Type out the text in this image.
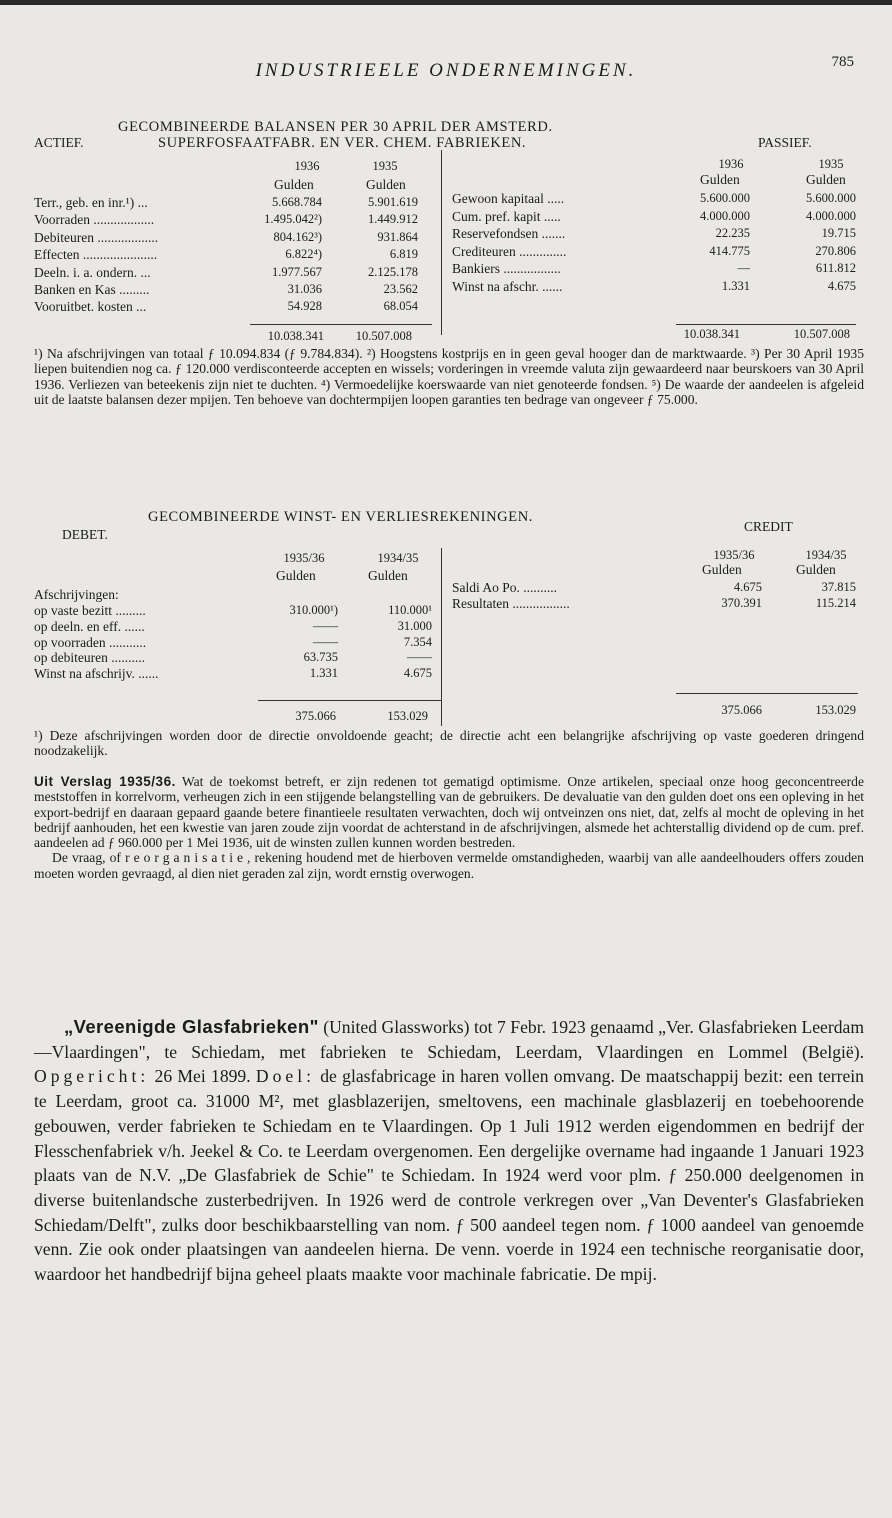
INDUSTRIEELE ONDERNEMINGEN.	785
GECOMBINEERDE BALANSEN PER 30 APRIL DER AMSTERD.
ACTIEF.	SUPERFOSFAATFABR. EN VER. CHEM. FABRIEKEN.	PASSIEF.
1936	1935
Gulden	Gulden
1936	1935
Gulden	Gulden
Terr., geb. en inr.¹) ...	5.668.784	5.901.619
Voorraden ..................	1.495.042²)	1.449.912
Debiteuren ..................	804.162³)	931.864
Effecten ......................	6.822⁴)	6.819
Deeln. i. a. ondern. ...	1.977.567	2.125.178
Banken en Kas .........	31.036	23.562
Vooruitbet. kosten ...	54.928	68.054
Gewoon kapitaal .....	5.600.000	5.600.000
Cum. pref. kapit .....	4.000.000	4.000.000
Reservefondsen .......	22.235	19.715
Crediteuren ..............	414.775	270.806
Bankiers .................	—	611.812
Winst na afschr. ......	1.331	4.675
10.038.341	10.507.008	10.038.341	10.507.008
¹) Na afschrijvingen van totaal ƒ 10.094.834 (ƒ 9.784.834). ²) Hoogstens kostprijs en in geen geval hooger dan de marktwaarde. ³) Per 30 April 1935 liepen buitendien nog ca. ƒ 120.000 verdisconteerde accepten en wissels; vorderingen in vreemde valuta zijn gewaardeerd naar beurskoers van 30 April 1936. Verliezen van beteekenis zijn niet te duchten. ⁴) Vermoedelijke koerswaarde van niet genoteerde fondsen. ⁵) De waarde der aandeelen is afgeleid uit de laatste balansen dezer mpijen. Ten behoeve van dochtermpijen loopen garanties ten bedrage van ongeveer ƒ 75.000.
GECOMBINEERDE WINST- EN VERLIESREKENINGEN.
DEBET.
CREDIT
1935/36	1934/35
Gulden	Gulden
1935/36	1934/35
Gulden	Gulden
Afschrijvingen:
op vaste bezitt .........	310.000¹)	110.000¹
op deeln. en eff. ......	——	31.000
op voorraden ...........	——	7.354
op debiteuren ..........	63.735	——
Winst na afschrijv. ......	1.331	4.675
Saldi Ao Po. ..........	4.675	37.815
Resultaten .................	370.391	115.214
375.066	153.029	375.066	153.029
¹) Deze afschrijvingen worden door de directie onvoldoende geacht; de directie acht een belangrijke afschrijving op vaste goederen dringend noodzakelijk.
Uit Verslag 1935/36. Wat de toekomst betreft, er zijn redenen tot gematigd optimisme. Onze artikelen, speciaal onze hoog geconcentreerde meststoffen in korrelvorm, verheugen zich in een stijgende belangstelling van de gebruikers. De devaluatie van den gulden doet ons een opleving in het export-bedrijf en daaraan gepaard gaande betere finantieele resultaten verwachten, doch wij ontveinzen ons niet, dat, zelfs al mocht de opleving in het bedrijf aanhouden, het een kwestie van jaren zoude zijn voordat de achterstand in de afschrijvingen, alsmede het achterstallig dividend op de cum. pref. aandeelen ad ƒ 960.000 per 1 Mei 1936, uit de winsten zullen kunnen worden bestreden.
De vraag, of reorganisatie, rekening houdend met de hierboven vermelde omstandigheden, waarbij van alle aandeelhouders offers zouden moeten worden gevraagd, al dien niet geraden zal zijn, wordt ernstig overwogen.
„Vereenigde Glasfabrieken" (United Glassworks) tot 7 Febr. 1923 genaamd „Ver. Glasfabrieken Leerdam—Vlaardingen", te Schiedam, met fabrieken te Schiedam, Leerdam, Vlaardingen en Lommel (België). Opgericht: 26 Mei 1899. Doel: de glasfabricage in haren vollen omvang. De maatschappij bezit: een terrein te Leerdam, groot ca. 31000 M², met glasblazerijen, smeltovens, een machinale glasblazerij en toebehoorende gebouwen, verder fabrieken te Schiedam en te Vlaardingen. Op 1 Juli 1912 werden eigendommen en bedrijf der Flesschenfabriek v/h. Jeekel & Co. te Leerdam overgenomen. Een dergelijke overname had ingaande 1 Januari 1923 plaats van de N.V. „De Glasfabriek de Schie" te Schiedam. In 1924 werd voor plm. ƒ 250.000 deelgenomen in diverse buitenlandsche zusterbedrijven. In 1926 werd de controle verkregen over „Van Deventer's Glasfabrieken Schiedam/Delft", zulks door beschikbaarstelling van nom. ƒ 500 aandeel tegen nom. ƒ 1000 aandeel van genoemde venn. Zie ook onder plaatsingen van aandeelen hierna. De venn. voerde in 1924 een technische reorganisatie door, waardoor het handbedrijf bijna geheel plaats maakte voor machinale fabricatie. De mpij.
